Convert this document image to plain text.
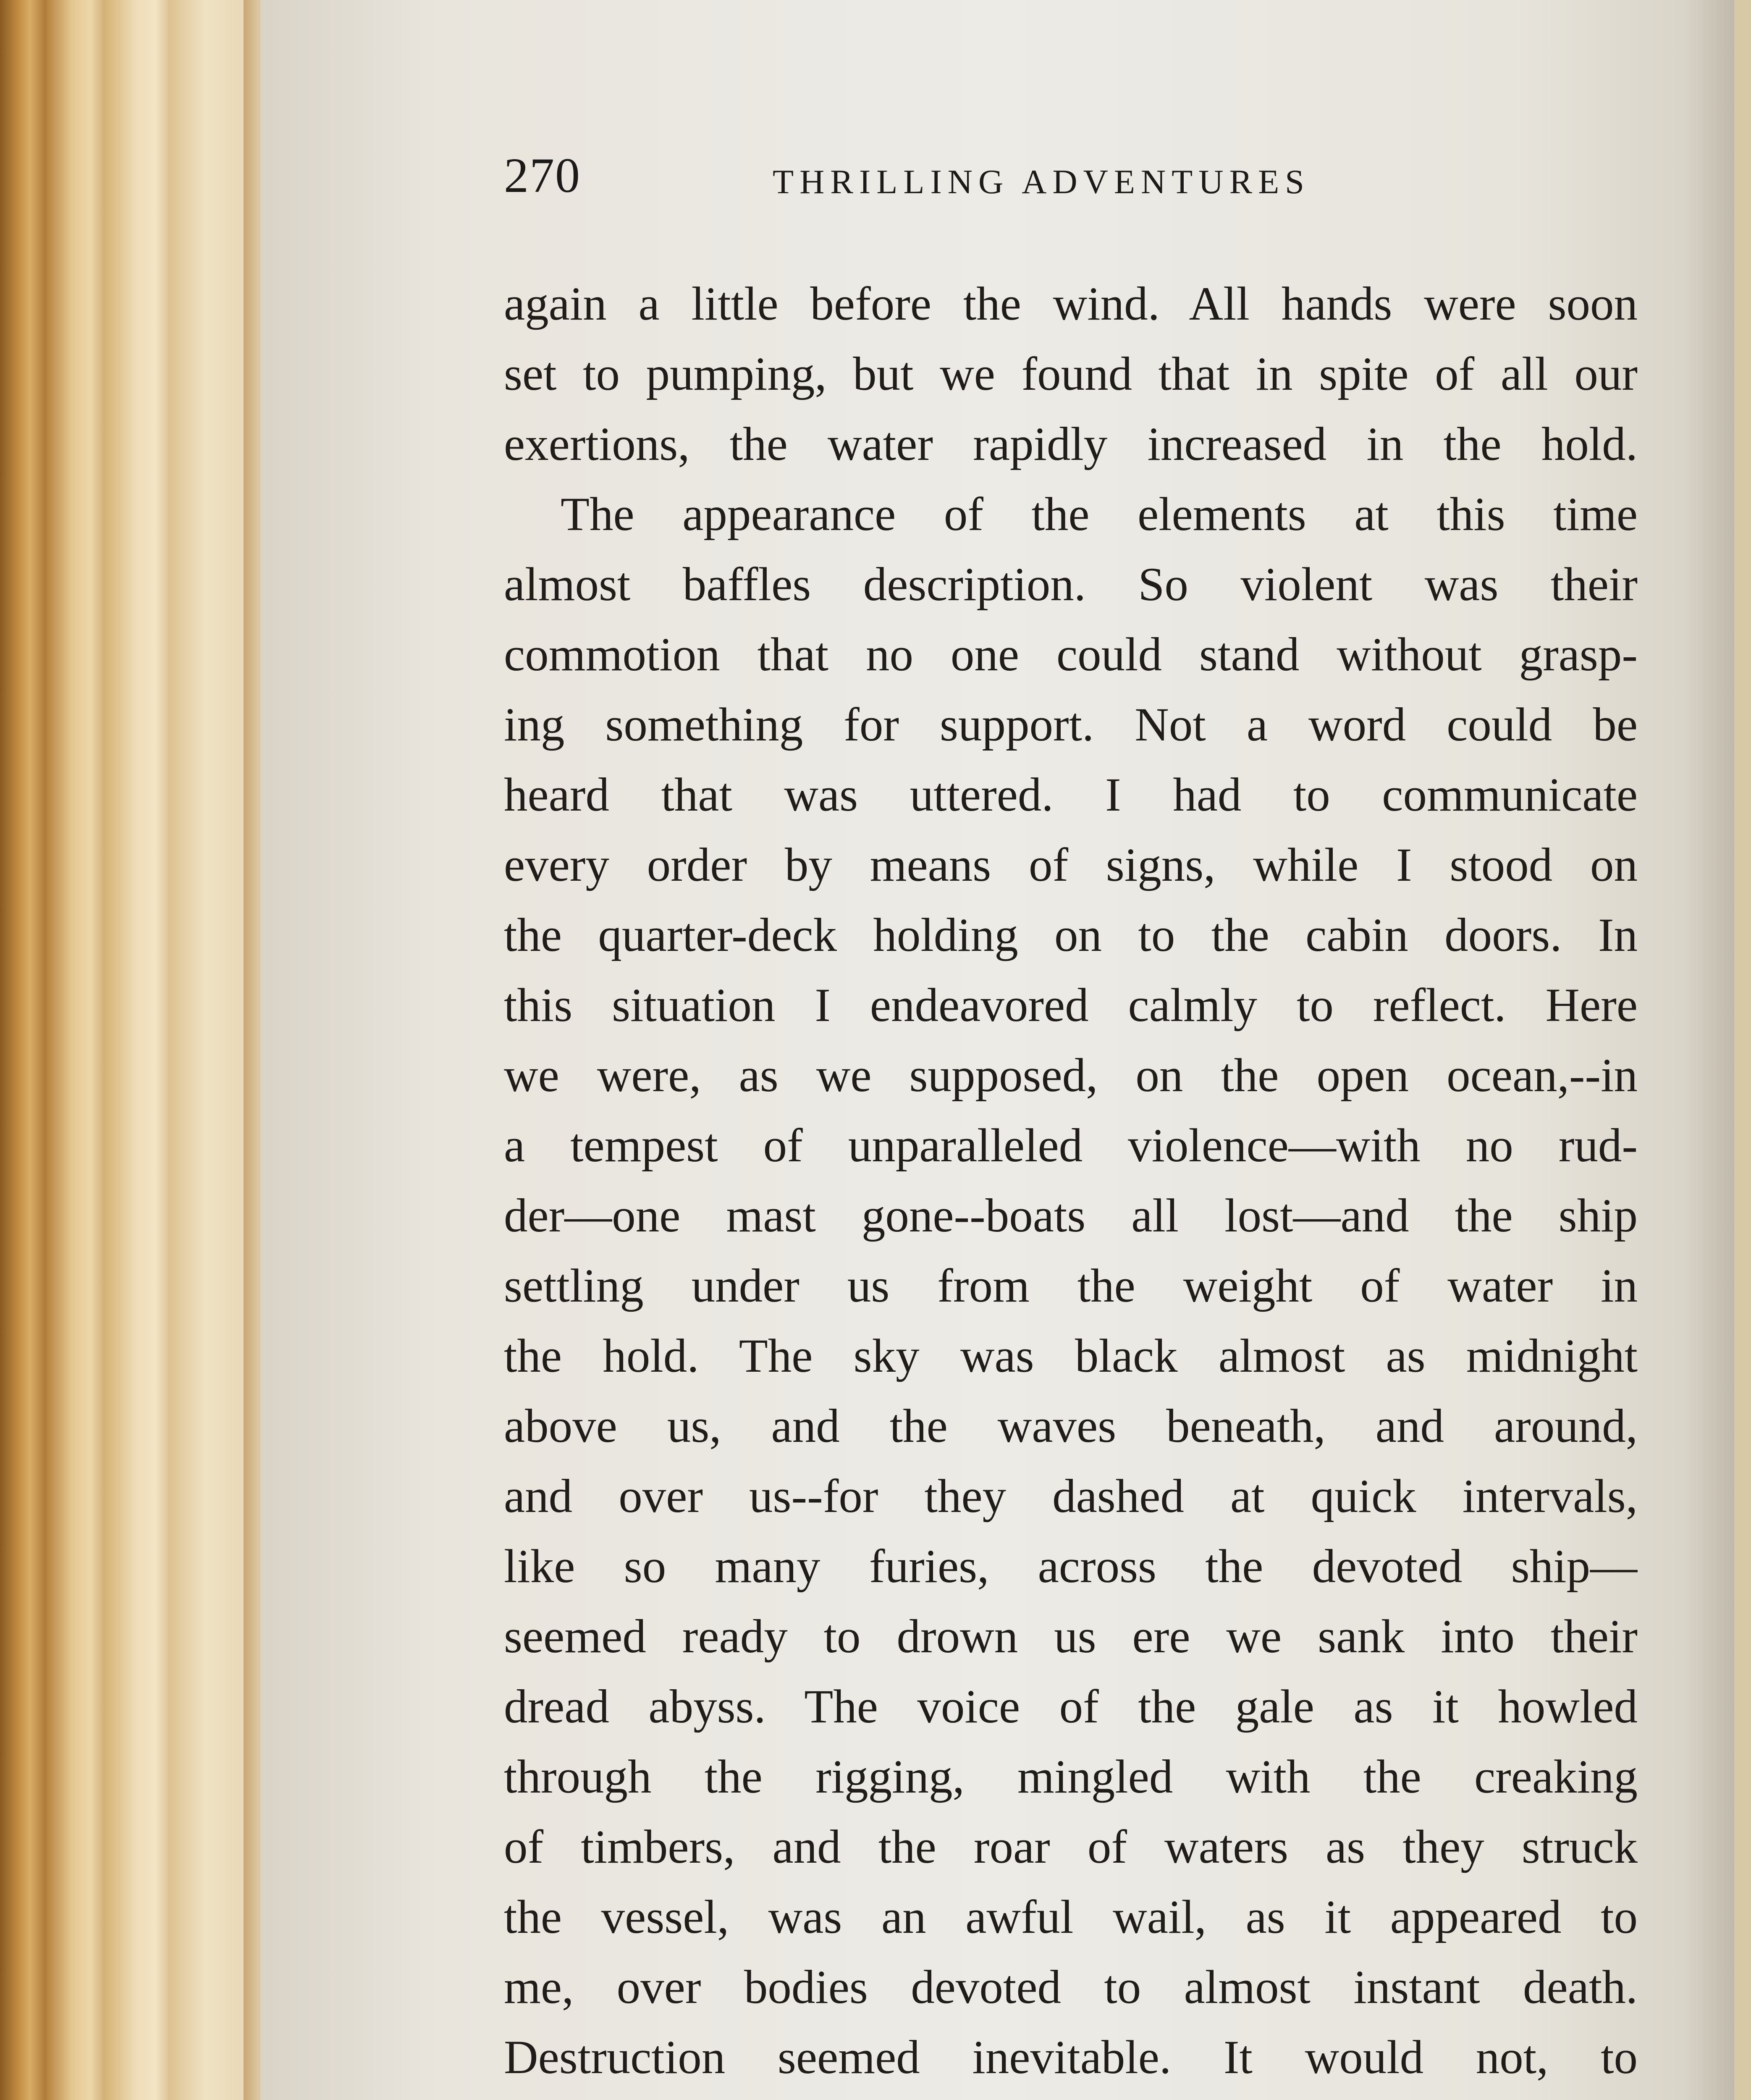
270	THRILLING ADVENTURES
again a little before the wind. All hands were soon
set to pumping, but we found that in spite of all our
exertions, the water rapidly increased in the hold.
The appearance of the elements at this time
almost baffles description. So violent was their
commotion that no one could stand without grasp-
ing something for support. Not a word could be
heard that was uttered. I had to communicate
every order by means of signs, while I stood on
the quarter-deck holding on to the cabin doors. In
this situation I endeavored calmly to reflect. Here
we were, as we supposed, on the open ocean,--in
a tempest of unparalleled violence—with no rud-
der—one mast gone--boats all lost—and the ship
settling under us from the weight of water in
the hold. The sky was black almost as midnight
above us, and the waves beneath, and around,
and over us--for they dashed at quick intervals,
like so many furies, across the devoted ship—
seemed ready to drown us ere we sank into their
dread abyss. The voice of the gale as it howled
through the rigging, mingled with the creaking
of timbers, and the roar of waters as they struck
the vessel, was an awful wail, as it appeared to
me, over bodies devoted to almost instant death.
Destruction seemed inevitable. It would not, to
